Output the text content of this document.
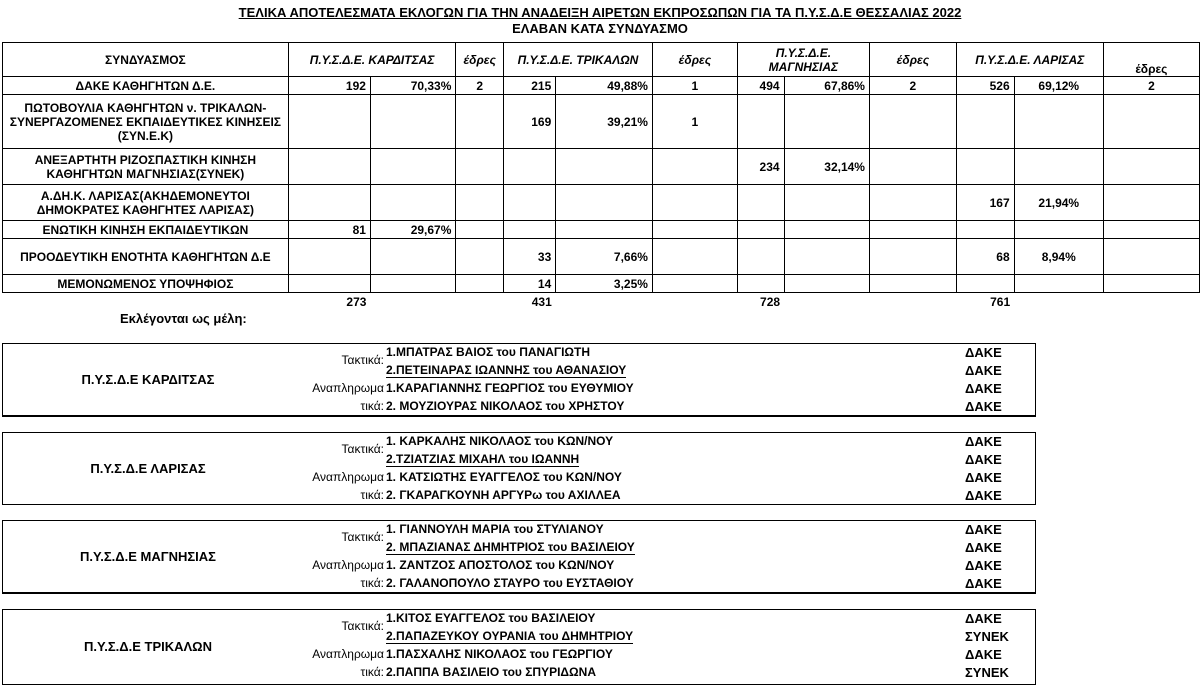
ΤΕΛΙΚΑ ΑΠΟΤΕΛΕΣΜΑΤΑ ΕΚΛΟΓΩΝ ΓΙΑ ΤΗΝ ΑΝΑΔΕΙΞΗ ΑΙΡΕΤΩΝ ΕΚΠΡΟΣΩΠΩΝ ΓΙΑ ΤΑ Π.Υ.Σ.Δ.Ε ΘΕΣΣΑΛΙΑΣ 2022
ΕΛΑΒΑΝ ΚΑΤΑ ΣΥΝΔΥΑΣΜΟ
ΣΥΝΔΥΑΣΜΟΣ	Π.Υ.Σ.Δ.Ε. ΚΑΡΔΙΤΣΑΣ		έδρες	Π.Υ.Σ.Δ.Ε. ΤΡΙΚΑΛΩΝ		έδρες	Π.Υ.Σ.Δ.Ε. ΜΑΓΝΗΣΙΑΣ		έδρες	Π.Υ.Σ.Δ.Ε. ΛΑΡΙΣΑΣ		έδρες
ΔΑΚΕ ΚΑΘΗΓΗΤΩΝ Δ.Ε.	192	70,33%	2	215	49,88%	1	494	67,86%	2	526	69,12%	2
ΠΩΤΟΒΟΥΛΙΑ ΚΑΘΗΓΗΤΩΝ ν. ΤΡΙΚΑΛΩΝ-ΣΥΝΕΡΓΑΖΟΜΕΝΕΣ ΕΚΠΑΙΔΕΥΤΙΚΕΣ ΚΙΝΗΣΕΙΣ (ΣΥΝ.Ε.Κ)				169	39,21%	1						
ΑΝΕΞΑΡΤΗΤΗ ΡΙΖΟΣΠΑΣΤΙΚΗ ΚΙΝΗΣΗ ΚΑΘΗΓΗΤΩΝ ΜΑΓΝΗΣΙΑΣ(ΣΥΝΕΚ)							234	32,14%				
Α.ΔΗ.Κ. ΛΑΡΙΣΑΣ(ΑΚΗΔΕΜΟΝΕΥΤΟΙ ΔΗΜΟΚΡΑΤΕΣ ΚΑΘΗΓΗΤΕΣ ΛΑΡΙΣΑΣ)										167	21,94%	
ΕΝΩΤΙΚΗ ΚΙΝΗΣΗ ΕΚΠΑΙΔΕΥΤΙΚΩΝ	81	29,67%										
ΠΡΟΟΔΕΥΤΙΚΗ ΕΝΟΤΗΤΑ ΚΑΘΗΓΗΤΩΝ Δ.Ε				33	7,66%					68	8,94%	
ΜΕΜΟΝΩΜΕΝΟΣ ΥΠΟΨΗΦΙΟΣ				14	3,25%							
	273			431			728			761		
Εκλέγονται ως μέλη:
Π.Υ.Σ.Δ.Ε ΚΑΡΔΙΤΣΑΣ
Τακτικά:
1.ΜΠΑΤΡΑΣ ΒΑΙΟΣ του ΠΑΝΑΓΙΩΤΗ	ΔΑΚΕ
2.ΠΕΤΕΙΝΑΡΑΣ ΙΩΑΝΝΗΣ του ΑΘΑΝΑΣΙΟΥ	ΔΑΚΕ
Αναπληρωμα 1.ΚΑΡΑΓΙΑΝΝΗΣ ΓΕΩΡΓΙΟΣ του ΕΥΘΥΜΙΟΥ	ΔΑΚΕ
τικά: 2. ΜΟΥΖΙΟΥΡΑΣ ΝΙΚΟΛΑΟΣ του ΧΡΗΣΤΟΥ	ΔΑΚΕ
Π.Υ.Σ.Δ.Ε ΛΑΡΙΣΑΣ
Τακτικά:
1. ΚΑΡΚΑΛΗΣ ΝΙΚΟΛΑΟΣ του ΚΩΝ/ΝΟΥ	ΔΑΚΕ
2.ΤΖΙΑΤΖΙΑΣ ΜΙΧΑΗΛ του ΙΩΑΝΝΗ	ΔΑΚΕ
Αναπληρωμα 1. ΚΑΤΣΙΩΤΗΣ ΕΥΑΓΓΕΛΟΣ του ΚΩΝ/ΝΟΥ	ΔΑΚΕ
τικά: 2. ΓΚΑΡΑΓΚΟΥΝΗ ΑΡΓΥΡω του ΑΧΙΛΛΕΑ	ΔΑΚΕ
Π.Υ.Σ.Δ.Ε ΜΑΓΝΗΣΙΑΣ
Τακτικά:
1. ΓΙΑΝΝΟΥΛΗ ΜΑΡΙΑ του ΣΤΥΛΙΑΝΟΥ	ΔΑΚΕ
2. ΜΠΑΖΙΑΝΑΣ ΔΗΜΗΤΡΙΟΣ του ΒΑΣΙΛΕΙΟΥ	ΔΑΚΕ
Αναπληρωμα 1. ΖΑΝΤΖΟΣ ΑΠΟΣΤΟΛΟΣ του ΚΩΝ/ΝΟΥ	ΔΑΚΕ
τικά: 2. ΓΑΛΑΝΟΠΟΥΛΟ ΣΤΑΥΡΟ του ΕΥΣΤΑΘΙΟΥ	ΔΑΚΕ
Π.Υ.Σ.Δ.Ε ΤΡΙΚΑΛΩΝ
Τακτικά:
1.ΚΙΤΟΣ ΕΥΑΓΓΕΛΟΣ του ΒΑΣΙΛΕΙΟΥ	ΔΑΚΕ
2.ΠΑΠΑΖΕΥΚΟΥ ΟΥΡΑΝΙΑ του ΔΗΜΗΤΡΙΟΥ	ΣΥΝΕΚ
Αναπληρωμα 1.ΠΑΣΧΑΛΗΣ ΝΙΚΟΛΑΟΣ του ΓΕΩΡΓΙΟΥ	ΔΑΚΕ
τικά: 2.ΠΑΠΠΑ ΒΑΣΙΛΕΙΟ του ΣΠΥΡΙΔΩΝΑ	ΣΥΝΕΚ
